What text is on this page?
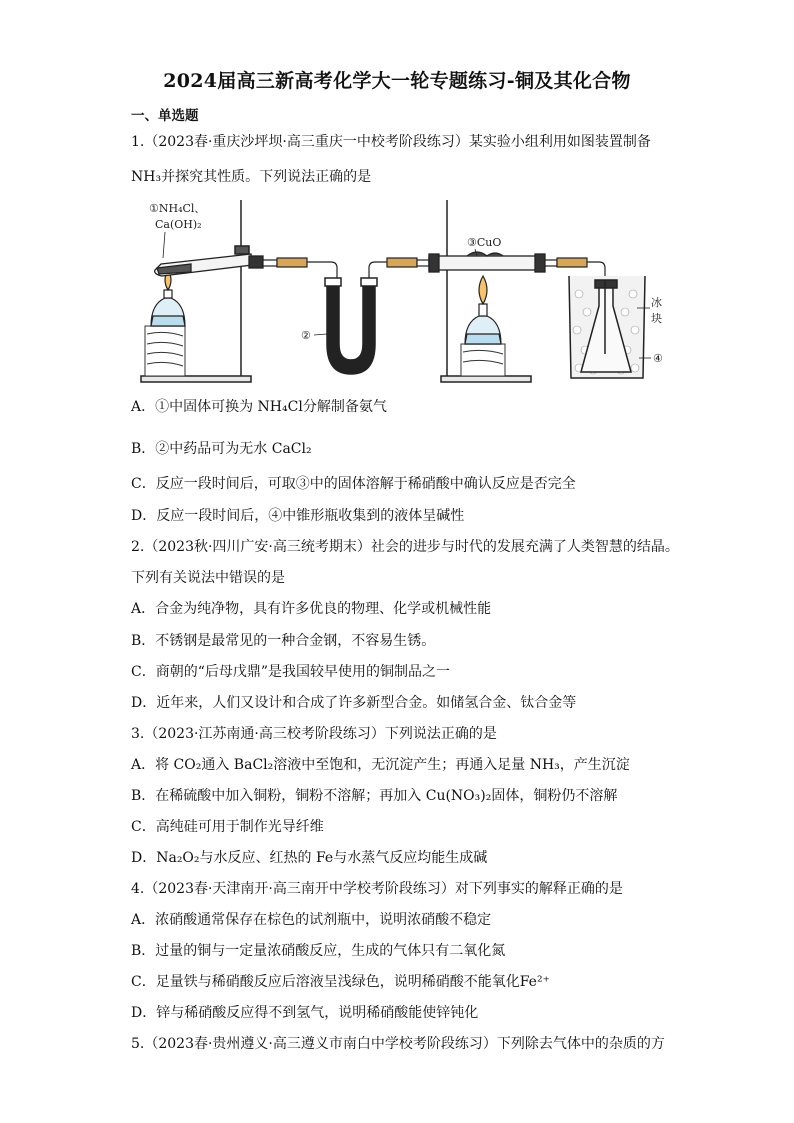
2024届高三新高考化学大一轮专题练习-铜及其化合物
一、单选题
1.（2023春·重庆沙坪坝·高三重庆一中校考阶段练习）某实验小组利用如图装置制备
NH₃并探究其性质。下列说法正确的是
①NH₄Cl、
Ca(OH)₂
②
③CuO
冰
块
④
A．①中固体可换为 NH₄Cl分解制备氨气
B．②中药品可为无水 CaCl₂
C．反应一段时间后，可取③中的固体溶解于稀硝酸中确认反应是否完全
D．反应一段时间后，④中锥形瓶收集到的液体呈碱性
2.（2023秋·四川广安·高三统考期末）社会的进步与时代的发展充满了人类智慧的结晶。
下列有关说法中错误的是
A．合金为纯净物，具有许多优良的物理、化学或机械性能
B．不锈钢是最常见的一种合金钢，不容易生锈。
C．商朝的“后母戊鼎”是我国较早使用的铜制品之一
D．近年来，人们又设计和合成了许多新型合金。如储氢合金、钛合金等
3.（2023·江苏南通·高三校考阶段练习）下列说法正确的是
A．将 CO₂通入 BaCl₂溶液中至饱和，无沉淀产生；再通入足量 NH₃，产生沉淀
B．在稀硫酸中加入铜粉，铜粉不溶解；再加入 Cu(NO₃)₂固体，铜粉仍不溶解
C．高纯硅可用于制作光导纤维
D．Na₂O₂与水反应、红热的 Fe与水蒸气反应均能生成碱
4.（2023春·天津南开·高三南开中学校考阶段练习）对下列事实的解释正确的是
A．浓硝酸通常保存在棕色的试剂瓶中，说明浓硝酸不稳定
B．过量的铜与一定量浓硝酸反应，生成的气体只有二氧化氮
C．足量铁与稀硝酸反应后溶液呈浅绿色，说明稀硝酸不能氧化Fe²⁺
D．锌与稀硝酸反应得不到氢气，说明稀硝酸能使锌钝化
5.（2023春·贵州遵义·高三遵义市南白中学校考阶段练习）下列除去气体中的杂质的方
